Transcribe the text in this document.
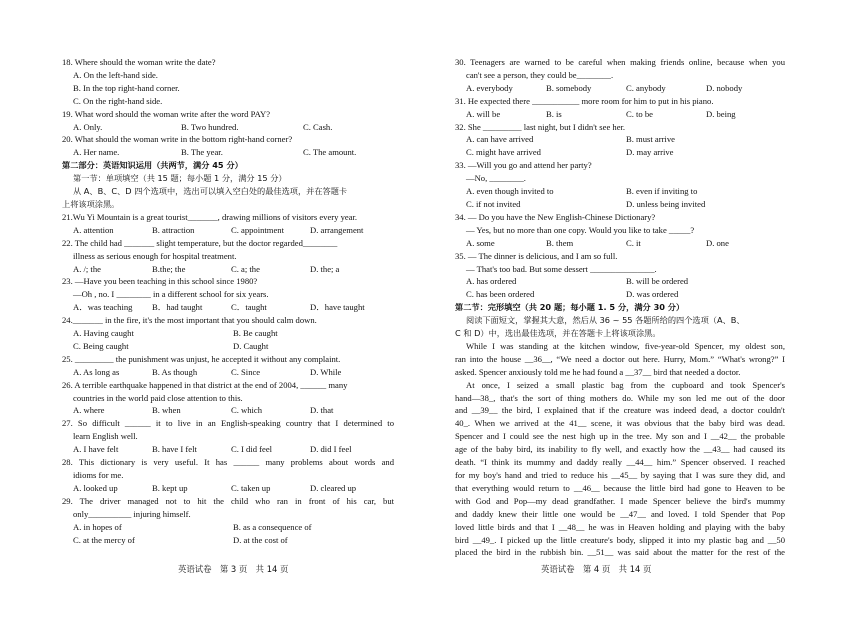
18. Where should the woman write the date?
A. On the left-hand side.
B. In the top right-hand corner.
C. On the right-hand side.
19. What word should the woman write after the word PAY?
A. Only.	B. Two hundred.	C. Cash.
20. What should the woman write in the bottom right-hand corner?
A. Her name.	B. The year.	C. The amount.
第二部分：英语知识运用（共两节，满分 45 分）
第一节：单项填空（共 15 题；每小题 1 分，满分 15 分）
从 A、B、C、D 四个选项中，选出可以填入空白处的最佳选项，并在答题卡
上将该项涂黑。
21.Wu Yi Mountain is a great tourist_______, drawing millions of visitors every year.
A. attention	B. attraction	C. appointment	D. arrangement
22. The child had _______ slight temperature, but the doctor regarded________
illness as serious enough for hospital treatment.
A. /; the	B.the; the	C. a; the	D. the; a
23. —Have you been teaching in this school since 1980?
—Oh , no. I ________ in a different school for six years.
A．was teaching	B．had taught	C．taught	D．have taught
24._______ in the fire, it's the most important that you should calm down.
A. Having caught	B. Be caught
C. Being caught	D. Caught
25. _________ the punishment was unjust, he accepted it without any complaint.
A. As long as	B. As though	C. Since	D. While
26. A terrible earthquake happened in that district at the end of 2004, ______ many
countries in the world paid close attention to this.
A. where	B. when	C. which	D. that
27. So difficult ______ it to live in an English-speaking country that I determined to
learn English well.
A. I have felt	B. have I felt	C. I did feel	D. did I feel
28. This dictionary is very useful. It has ______ many problems about words and
idioms for me.
A. looked up	B. kept up	C. taken up	D. cleared up
29. The driver managed not to hit the child who ran in front of his car, but
only__________ injuring himself.
A. in hopes of	B. as a consequence of
C. at the mercy of	D. at the cost of
30. Teenagers are warned to be careful when making friends online, because when you
can't see a person, they could be________.
A. everybody	B. somebody	C. anybody	D. nobody
31. He expected there ___________ more room for him to put in his piano.
A. will be	B. is	C. to be	D. being
32. She _________ last night, but I didn't see her.
A. can have arrived	B. must arrive
C. might have arrived	D. may arrive
33. —Will you go and attend her party?
—No, ________.
A. even though invited to	B. even if inviting to
C. if not invited	D. unless being invited
34. — Do you have the New English-Chinese Dictionary?
— Yes, but no more than one copy. Would you like to take _____?
A. some	B. them	C. it	D. one
35. — The dinner is delicious, and I am so full.
— That's too bad. But some dessert _______________.
A. has ordered	B. will be ordered
C. has been ordered	D. was ordered
第二节：完形填空（共 20 题；每小题 1. 5 分，满分 30 分）
阅读下面短文，掌握其大意，然后从 36 ~ 55 各题所给的四个选项（A、B、
C 和 D）中，选出最佳选项，并在答题卡上将该项涂黑。
While I was standing at the kitchen window, five-year-old Spencer, my oldest son,
ran into the house __36__, “We need a doctor out here. Hurry, Mom.” “What's wrong?” I
asked. Spencer anxiously told me he had found a __37__ bird that needed a doctor.
At once, I seized a small plastic bag from the cupboard and took Spencer's
hand—38_, that's the sort of thing mothers do. While my son led me out of the door
and __39__ the bird, I explained that if the creature was indeed dead, a doctor couldn't
40_. When we arrived at the 41__ scene, it was obvious that the baby bird was dead.
Spencer and I could see the nest high up in the tree. My son and I __42__ the probable
age of the baby bird, its inability to fly well, and exactly how the __43__ had caused its
death. “I think its mummy and daddy really __44__ him.” Spencer observed. I reached
for my boy's hand and tried to reduce his __45__ by saying that I was sure they did, and
that everything would return to __46__ because the little bird had gone to Heaven to be
with God and Pop—my dead grandfather. I made Spencer believe the bird's mummy
and daddy knew their little one would be __47__ and loved. I told Spender that Pop
loved little birds and that I __48__ he was in Heaven holding and playing with the baby
bird __49_. I picked up the little creature's body, slipped it into my plastic bag and __50
placed the bird in the rubbish bin. __51__ was said about the matter for the rest of the
英语试卷　第 3 页　共 14 页	英语试卷　第 4 页　共 14 页
